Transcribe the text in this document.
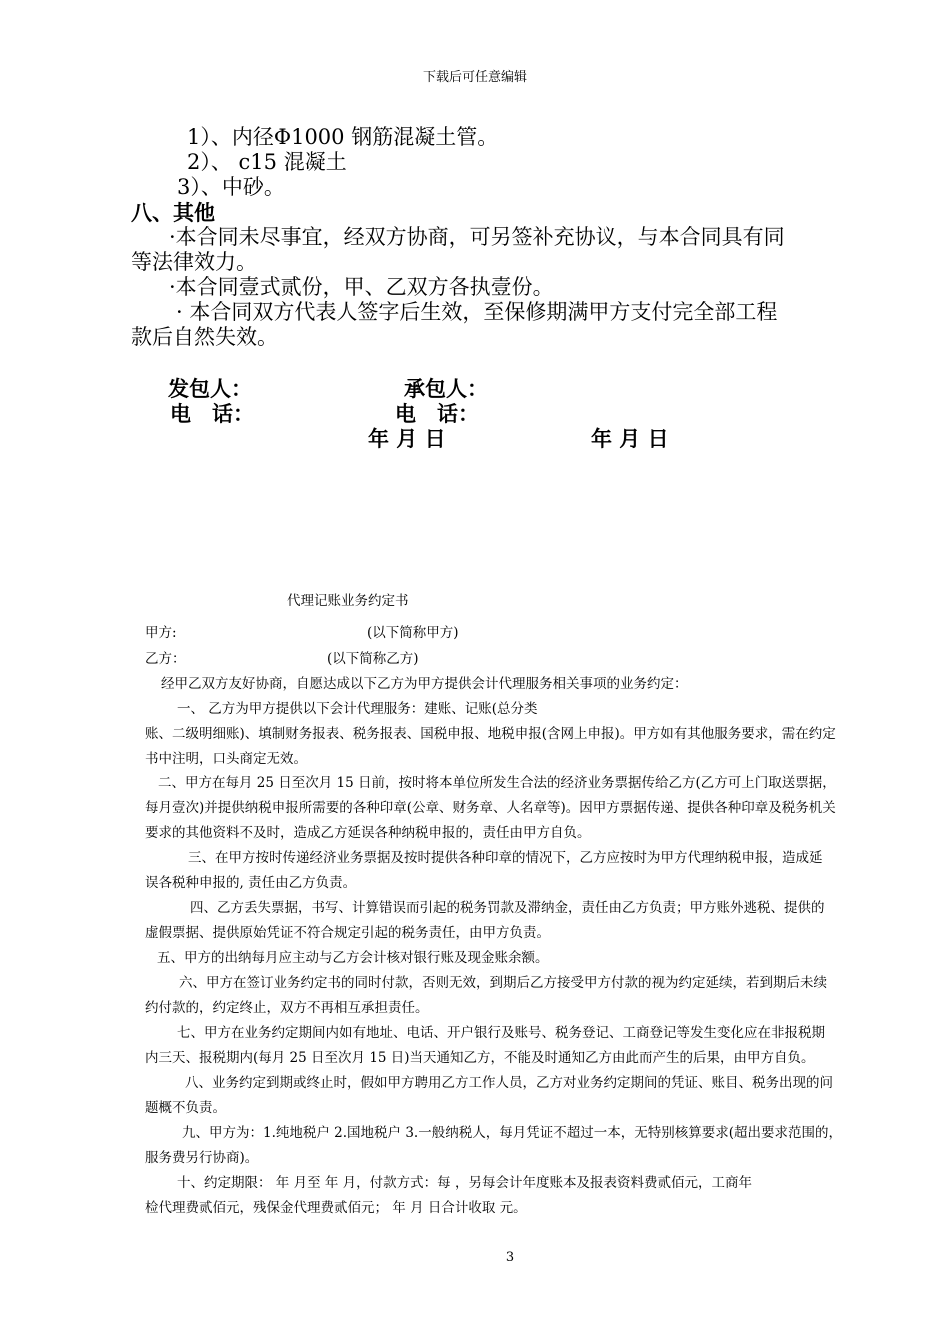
下载后可任意编辑
1）、内径Φ1000 钢筋混凝土管。
2）、 c15 混凝土
3）、中砂。
八、其他
·本合同未尽事宜，经双方协商，可另签补充协议，与本合同具有同
等法律效力。
·本合同壹式贰份，甲、乙双方各执壹份。
· 本合同双方代表人签字后生效，至保修期满甲方支付完全部工程
款后自然失效。
发包人：	承包人：
电　话：	电　话：
年 月 日	年 月 日
代理记账业务约定书
甲方:	(以下简称甲方)
乙方：	(以下简称乙方)
经甲乙双方友好协商，自愿达成以下乙方为甲方提供会计代理服务相关事项的业务约定：
一、 乙方为甲方提供以下会计代理服务：建账、记账(总分类
账、二级明细账)、填制财务报表、税务报表、国税申报、地税申报(含网上申报)。甲方如有其他服务要求，需在约定
书中注明，口头商定无效。
二、甲方在每月 25 日至次月 15 日前，按时将本单位所发生合法的经济业务票据传给乙方(乙方可上门取送票据，
每月壹次)并提供纳税申报所需要的各种印章(公章、财务章、人名章等)。因甲方票据传递、提供各种印章及税务机关
要求的其他资料不及时，造成乙方延误各种纳税申报的，责任由甲方自负。
三、在甲方按时传递经济业务票据及按时提供各种印章的情况下，乙方应按时为甲方代理纳税申报，造成延
误各税种申报的, 责任由乙方负责。
四、乙方丢失票据，书写、计算错误而引起的税务罚款及滞纳金，责任由乙方负责；甲方账外逃税、提供的
虚假票据、提供原始凭证不符合规定引起的税务责任，由甲方负责。
五、甲方的出纳每月应主动与乙方会计核对银行账及现金账余额。
六、甲方在签订业务约定书的同时付款，否则无效，到期后乙方接受甲方付款的视为约定延续，若到期后未续
约付款的，约定终止，双方不再相互承担责任。
七、甲方在业务约定期间内如有地址、电话、开户银行及账号、税务登记、工商登记等发生变化应在非报税期
内三天、报税期内(每月 25 日至次月 15 日)当天通知乙方，不能及时通知乙方由此而产生的后果，由甲方自负。
八、业务约定到期或终止时，假如甲方聘用乙方工作人员，乙方对业务约定期间的凭证、账目、税务出现的问
题概不负责。
九、甲方为：1.纯地税户 2.国地税户 3.一般纳税人，每月凭证不超过一本，无特别核算要求(超出要求范围的，
服务费另行协商)。
十、约定期限： 年 月至 年 月，付款方式：每 ，另每会计年度账本及报表资料费贰佰元，工商年
检代理费贰佰元，残保金代理费贰佰元； 年 月 日合计收取 元。
3
